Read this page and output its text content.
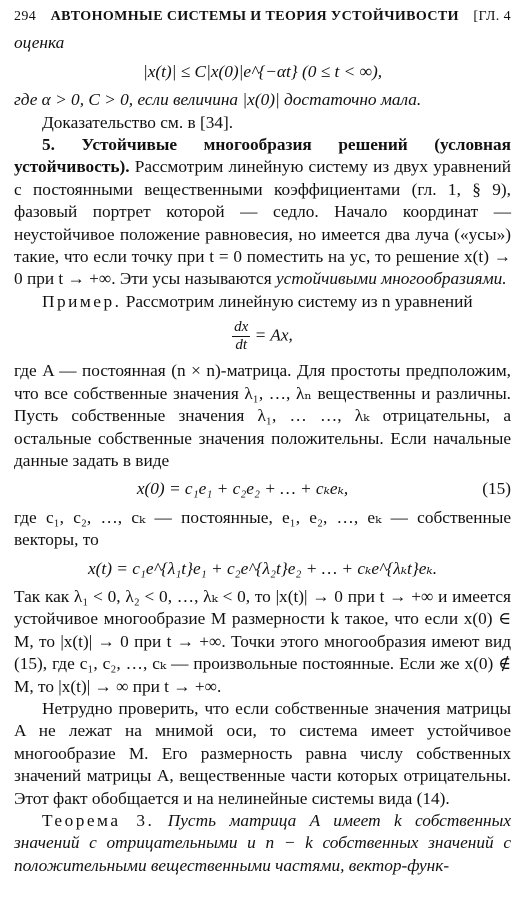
294 АВТОНОМНЫЕ СИСТЕМЫ И ТЕОРИЯ УСТОЙЧИВОСТИ [ГЛ. 4

оценка

|x(t)| ≤ C|x(0)|e^{−αt} (0 ≤ t < ∞),

где α > 0, C > 0, если величина |x(0)| достаточно мала.

Доказательство см. в [34].

5. Устойчивые многообразия решений (условная устойчивость). Рассмотрим линейную систему из двух уравнений с постоянными вещественными коэффициентами (гл. 1, § 9), фазовый портрет которой — седло. Начало координат — неустойчивое положение равновесия, но имеется два луча («усы») такие, что если точку при t = 0 поместить на ус, то решение x(t) → 0 при t → +∞. Эти усы называются устойчивыми многообразиями.

Пример. Рассмотрим линейную систему из n уравнений

$\frac{dx}{dt} = Ax$,

где A — постоянная (n × n)-матрица. Для простоты предположим, что все собственные значения λ₁, …, λₙ вещественны и различны. Пусть собственные значения λ₁, … …, λₖ отрицательны, а остальные собственные значения положительны. Если начальные данные задать в виде

x(0) = c₁e₁ + c₂e₂ + … + cₖeₖ,	(15)

где c₁, c₂, …, cₖ — постоянные, e₁, e₂, …, eₖ — собственные векторы, то

x(t) = c₁e^{λ₁t}e₁ + c₂e^{λ₂t}e₂ + … + cₖe^{λₖt}eₖ.

Так как λ₁ < 0, λ₂ < 0, …, λₖ < 0, то |x(t)| → 0 при t → +∞ и имеется устойчивое многообразие M размерности k такое, что если x(0) ∈ M, то |x(t)| → 0 при t → +∞. Точки этого многообразия имеют вид (15), где c₁, c₂, …, cₖ — произвольные постоянные. Если же x(0) ∉ M, то |x(t)| → ∞ при t → +∞.

Нетрудно проверить, что если собственные значения матрицы A не лежат на мнимой оси, то система имеет устойчивое многообразие M. Его размерность равна числу собственных значений матрицы A, вещественные части которых отрицательны. Этот факт обобщается и на нелинейные системы вида (14).

Теорема 3. Пусть матрица A имеет k собственных значений с отрицательными и n − k собственных значений с положительными вещественными частями, вектор-функ-
